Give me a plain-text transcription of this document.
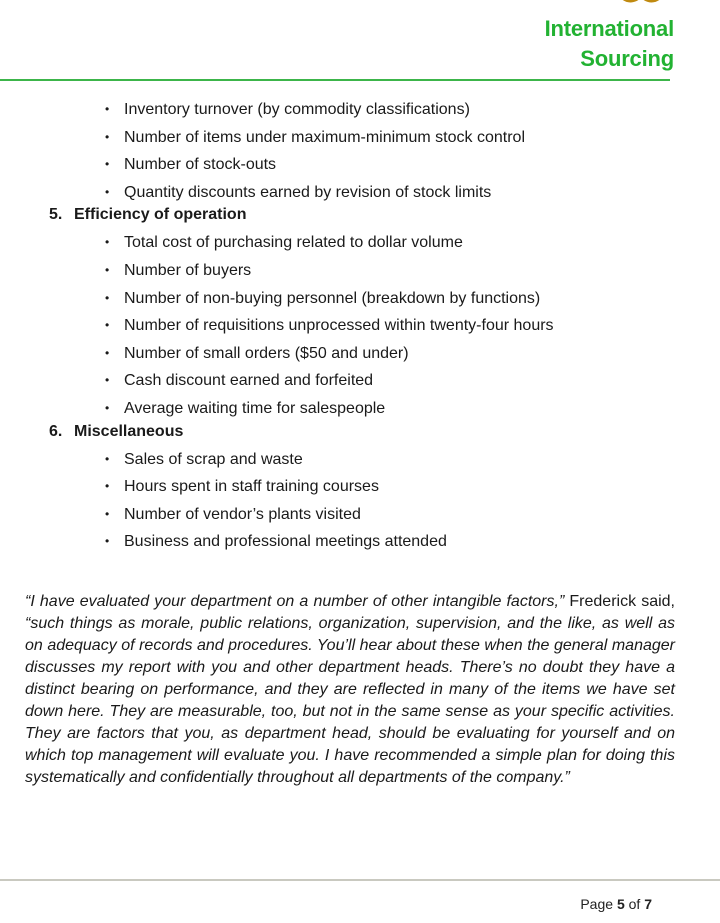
International
Sourcing
• Inventory turnover (by commodity classifications)
• Number of items under maximum-minimum stock control
• Number of stock-outs
• Quantity discounts earned by revision of stock limits
5. Efficiency of operation
• Total cost of purchasing related to dollar volume
• Number of buyers
• Number of non-buying personnel (breakdown by functions)
• Number of requisitions unprocessed within twenty-four hours
• Number of small orders ($50 and under)
• Cash discount earned and forfeited
• Average waiting time for salespeople
6. Miscellaneous
• Sales of scrap and waste
• Hours spent in staff training courses
• Number of vendor’s plants visited
• Business and professional meetings attended

“I have evaluated your department on a number of other intangible factors,” Frederick said, “such things as morale, public relations, organization, supervision, and the like, as well as on adequacy of records and procedures. You’ll hear about these when the general manager discusses my report with you and other department heads. There’s no doubt they have a distinct bearing on performance, and they are reflected in many of the items we have set down here. They are measurable, too, but not in the same sense as your specific activities. They are factors that you, as department head, should be evaluating for yourself and on which top management will evaluate you. I have recommended a simple plan for doing this systematically and confidentially throughout all departments of the company.”

Page 5 of 7
